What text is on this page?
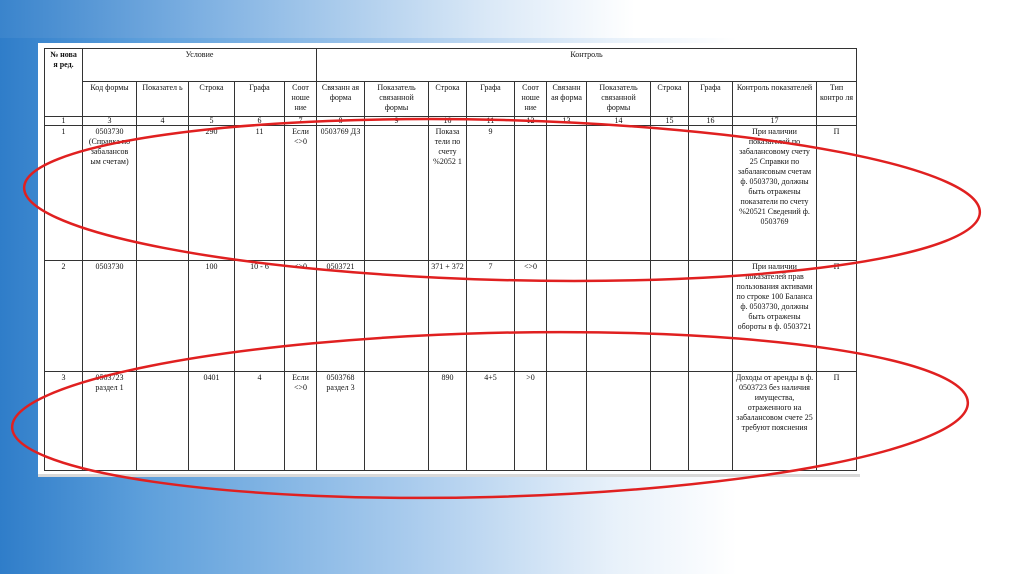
№ нова я ред.	Условие					Контроль										
	Код формы	Показател ь	Строка	Графа	Соот ноше ние	Связанн ая форма	Показатель связанной формы	Строка	Графа	Соот ноше ние	Связанн ая форма	Показатель связанной формы	Строка	Графа	Контроль показателей	Тип контро ля
1	3	4	5	6	7	8	9	10	11	12	13	14	15	16	17	
1	0503730 (Справка по забалансов ым счетам)		290	11	Если <>0	0503769 ДЗ		Показа тели по счету %2052 1	9						При наличии показателей по забалансовому счету 25 Справки по забалансовым счетам ф. 0503730, должны быть отражены показатели по счету %20521 Сведений ф. 0503769	П
2	0503730		100	10 - 6	<>0	0503721		371 + 372	7	<>0					При наличии показателей прав пользования активами по строке 100 Баланса ф. 0503730, должны быть отражены обороты в ф. 0503721	П
3	0503723 раздел 1		0401	4	Если <>0	0503768 раздел 3		890	4+5	>0					Доходы от аренды в ф. 0503723 без наличия имущества, отраженного на забалансовом счете 25 требуют пояснения	П
